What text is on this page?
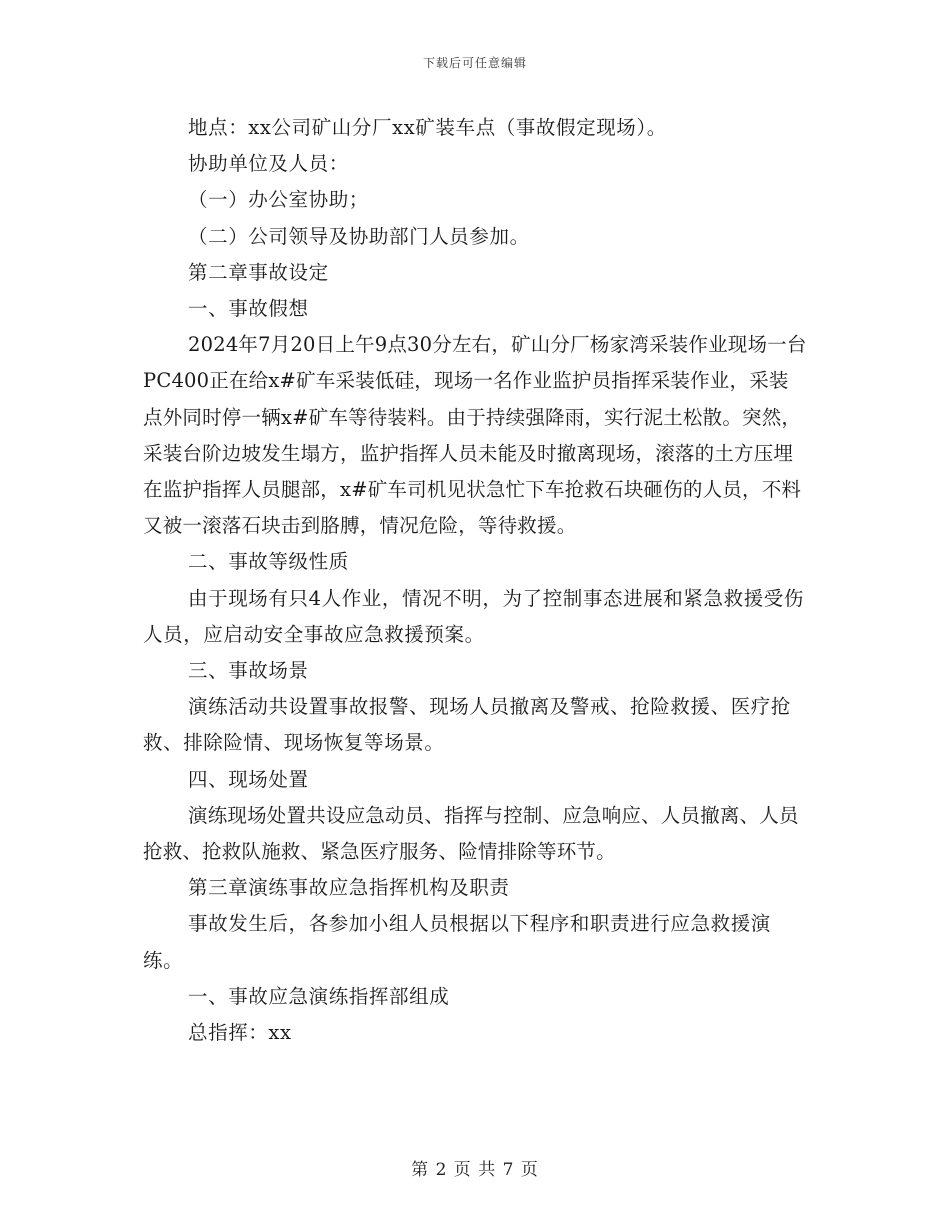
下载后可任意编辑

地点：xx公司矿山分厂xx矿装车点（事故假定现场）。

协助单位及人员：

（一）办公室协助；

（二）公司领导及协助部门人员参加。

第二章事故设定

一、事故假想

2024年7月20日上午9点30分左右，矿山分厂杨家湾采装作业现场一台PC400正在给x#矿车采装低硅，现场一名作业监护员指挥采装作业，采装点外同时停一辆x#矿车等待装料。由于持续强降雨，实行泥土松散。突然，采装台阶边坡发生塌方，监护指挥人员未能及时撤离现场，滚落的土方压埋在监护指挥人员腿部，x#矿车司机见状急忙下车抢救石块砸伤的人员，不料又被一滚落石块击到胳膊，情况危险，等待救援。

二、事故等级性质

由于现场有只4人作业，情况不明，为了控制事态进展和紧急救援受伤人员，应启动安全事故应急救援预案。

三、事故场景

演练活动共设置事故报警、现场人员撤离及警戒、抢险救援、医疗抢救、排除险情、现场恢复等场景。

四、现场处置

演练现场处置共设应急动员、指挥与控制、应急响应、人员撤离、人员抢救、抢救队施救、紧急医疗服务、险情排除等环节。

第三章演练事故应急指挥机构及职责

事故发生后，各参加小组人员根据以下程序和职责进行应急救援演练。

一、事故应急演练指挥部组成

总指挥：xx

第 2 页 共 7 页
